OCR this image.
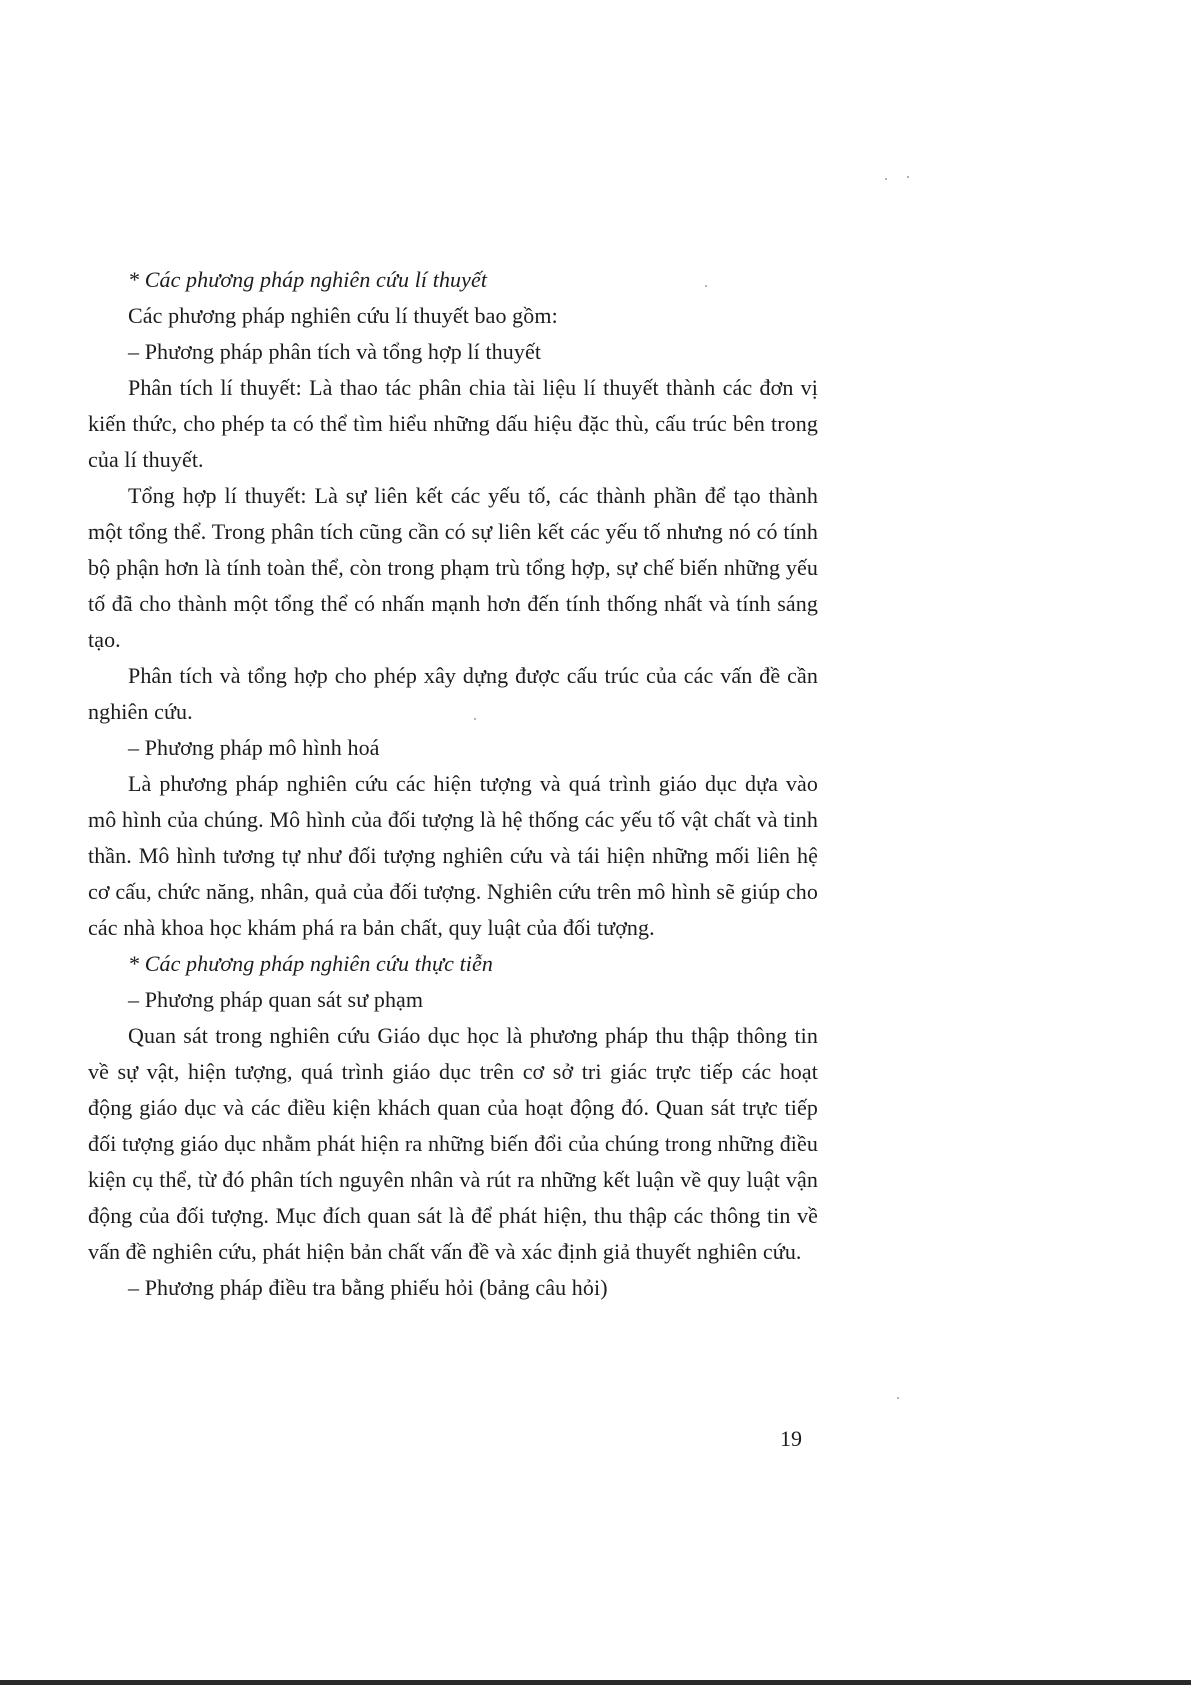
* Các phương pháp nghiên cứu lí thuyết

Các phương pháp nghiên cứu lí thuyết bao gồm:

– Phương pháp phân tích và tổng hợp lí thuyết

Phân tích lí thuyết: Là thao tác phân chia tài liệu lí thuyết thành các đơn vị kiến thức, cho phép ta có thể tìm hiểu những dấu hiệu đặc thù, cấu trúc bên trong của lí thuyết.

Tổng hợp lí thuyết: Là sự liên kết các yếu tố, các thành phần để tạo thành một tổng thể. Trong phân tích cũng cần có sự liên kết các yếu tố nhưng nó có tính bộ phận hơn là tính toàn thể, còn trong phạm trù tổng hợp, sự chế biến những yếu tố đã cho thành một tổng thể có nhấn mạnh hơn đến tính thống nhất và tính sáng tạo.

Phân tích và tổng hợp cho phép xây dựng được cấu trúc của các vấn đề cần nghiên cứu.

– Phương pháp mô hình hoá

Là phương pháp nghiên cứu các hiện tượng và quá trình giáo dục dựa vào mô hình của chúng. Mô hình của đối tượng là hệ thống các yếu tố vật chất và tinh thần. Mô hình tương tự như đối tượng nghiên cứu và tái hiện những mối liên hệ cơ cấu, chức năng, nhân, quả của đối tượng. Nghiên cứu trên mô hình sẽ giúp cho các nhà khoa học khám phá ra bản chất, quy luật của đối tượng.

* Các phương pháp nghiên cứu thực tiễn

– Phương pháp quan sát sư phạm

Quan sát trong nghiên cứu Giáo dục học là phương pháp thu thập thông tin về sự vật, hiện tượng, quá trình giáo dục trên cơ sở tri giác trực tiếp các hoạt động giáo dục và các điều kiện khách quan của hoạt động đó. Quan sát trực tiếp đối tượng giáo dục nhằm phát hiện ra những biến đổi của chúng trong những điều kiện cụ thể, từ đó phân tích nguyên nhân và rút ra những kết luận về quy luật vận động của đối tượng. Mục đích quan sát là để phát hiện, thu thập các thông tin về vấn đề nghiên cứu, phát hiện bản chất vấn đề và xác định giả thuyết nghiên cứu.

– Phương pháp điều tra bằng phiếu hỏi (bảng câu hỏi)

19
